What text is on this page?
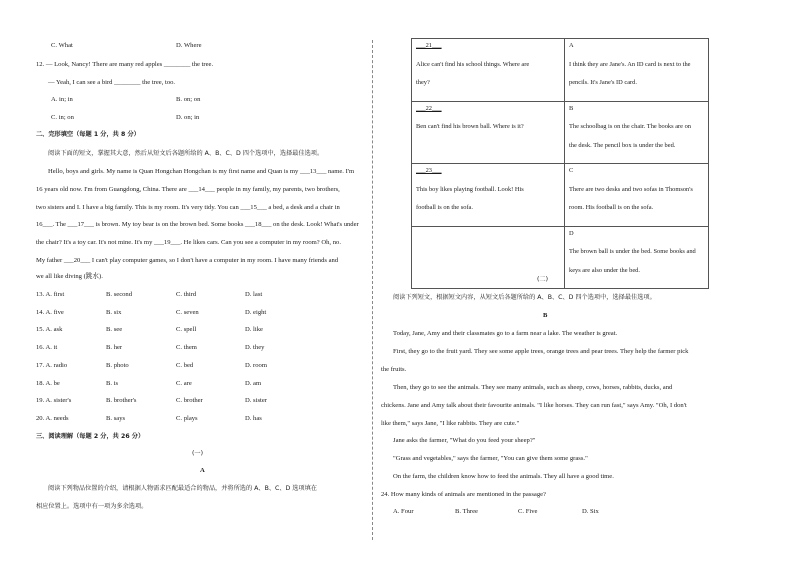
C. What	D. Where
12. — Look, Nancy! There are many red apples ________ the tree.
— Yeah, I can see a bird ________ the tree, too.
A. in; in	B. on; on
C. in; on	D. on; in
二、完形填空（每题 1 分，共 8 分）
阅读下面的短文，掌握其大意，然后从短文后各题所给的 A、B、C、D 四个选项中，选择最佳选项。
Hello, boys and girls. My name is Quan Hongchan Hongchan is my first name and Quan is my ___13___ name. I'm
16 years old now. I'm from Guangdong, China. There are ___14___ people in my family, my parents, two brothers,
two sisters and I. I have a big family. This is my room. It's very tidy. You can ___15___ a bed, a desk and a chair in
16___. The ___17___ is brown. My toy bear is on the brown bed. Some books ___18___ on the desk. Look! What's under
the chair? It's a toy car. It's not mine. It's my ___19___. He likes cars. Can you see a computer in my room? Oh, no.
My father ___20___ I can't play computer games, so I don't have a computer in my room. I have many friends and
we all like diving (跳水).
13. A. first	B. second	C. third	D. last
14. A. five	B. six	C. seven	D. eight
15. A. ask	B. see	C. spell	D. like
16. A. it	B. her	C. them	D. they
17. A. radio	B. photo	C. bed	D. room
18. A. be	B. is	C. are	D. am
19. A. sister's	B. brother's	C. brother	D. sister
20. A. needs	B. says	C. plays	D. has
三、阅读理解（每题 2 分，共 26 分）
(一)
A
阅读下列物品位置的介绍，请根据人物需求匹配最适合的物品，并将所选的 A、B、C、D 选项填在
相应位置上。选项中有一项为多余选项。
___21___
Alice can't find his school things. Where are
they?	A
I think they are Jane's. An ID card is next to the
pencils. It's Jane's ID card.

___22___
Ben can't find his brown ball. Where is it?	B
The schoolbag is on the chair. The books are on
the desk. The pencil box is under the bed.

___23___
This boy likes playing football. Look! His
football is on the sofa.	C
There are two desks and two sofas in Thomson's
room. His football is on the sofa.

	D
The brown ball is under the bed. Some books and
keys are also under the bed.
(二)
阅读下列短文，根据短文内容，从短文后各题所给的 A、B、C、D 四个选项中，选择最佳选项。
B
Today, Jane, Amy and their classmates go to a farm near a lake. The weather is great.
First, they go to the fruit yard. They see some apple trees, orange trees and pear trees. They help the farmer pick
the fruits.
Then, they go to see the animals. They see many animals, such as sheep, cows, horses, rabbits, ducks, and
chickens. Jane and Amy talk about their favourite animals. "I like horses. They can run fast," says Amy. "Oh, I don't
like them," says Jane, "I like rabbits. They are cute."
Jane asks the farmer, "What do you feed your sheep?"
"Grass and vegetables," says the farmer, "You can give them some grass."
On the farm, the children know how to feed the animals. They all have a good time.
24. How many kinds of animals are mentioned in the passage?
A. Four	B. Three	C. Five	D. Six
